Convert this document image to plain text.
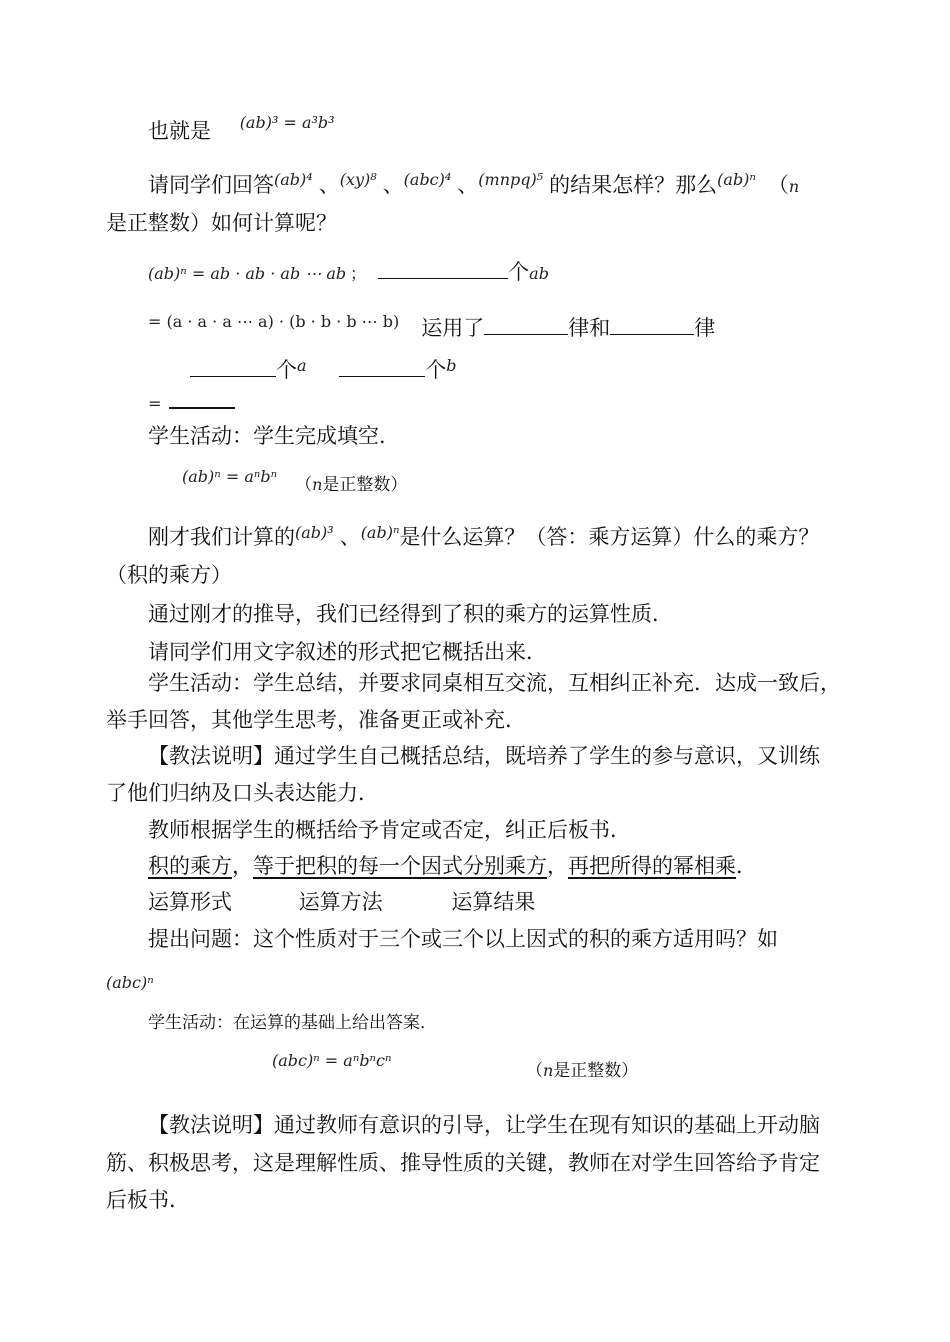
也就是 $^{(ab)^3 = a^3b^3}$
请同学们回答$^{(ab)^4}$ 、$^{(xy)^8}$ 、$^{(abc)^4}$ 、$^{(mnpq)^5}$ 的结果怎样？那么$^{(ab)^n}$ （n
是正整数）如何计算呢？
(ab)ⁿ = ab · ab · ab ⋯ ab ；	个ab
= (a · a · a ⋯ a) · (b · b · b ⋯ b) 运用了	律和	律
个$^a$	个$^b$
=
学生活动：学生完成填空．
(ab)ⁿ = aⁿbⁿ （n是正整数）
刚才我们计算的$^{(ab)^3}$ 、$^{(ab)^n}$是什么运算？（答：乘方运算）什么的乘方？
（积的乘方）
通过刚才的推导，我们已经得到了积的乘方的运算性质．
请同学们用文字叙述的形式把它概括出来．
学生活动：学生总结，并要求同桌相互交流，互相纠正补充．达成一致后，
举手回答，其他学生思考，准备更正或补充．
【教法说明】通过学生自己概括总结，既培养了学生的参与意识，又训练
了他们归纳及口头表达能力．
教师根据学生的概括给予肯定或否定，纠正后板书．
积的乘方，等于把积的每一个因式分别乘方，再把所得的幂相乘．
运算形式	运算方法	运算结果
提出问题：这个性质对于三个或三个以上因式的积的乘方适用吗？如
(abc)ⁿ
学生活动：在运算的基础上给出答案．
(abc)ⁿ = aⁿbⁿcⁿ
（n是正整数）
【教法说明】通过教师有意识的引导，让学生在现有知识的基础上开动脑
筋、积极思考，这是理解性质、推导性质的关键，教师在对学生回答给予肯定
后板书．
